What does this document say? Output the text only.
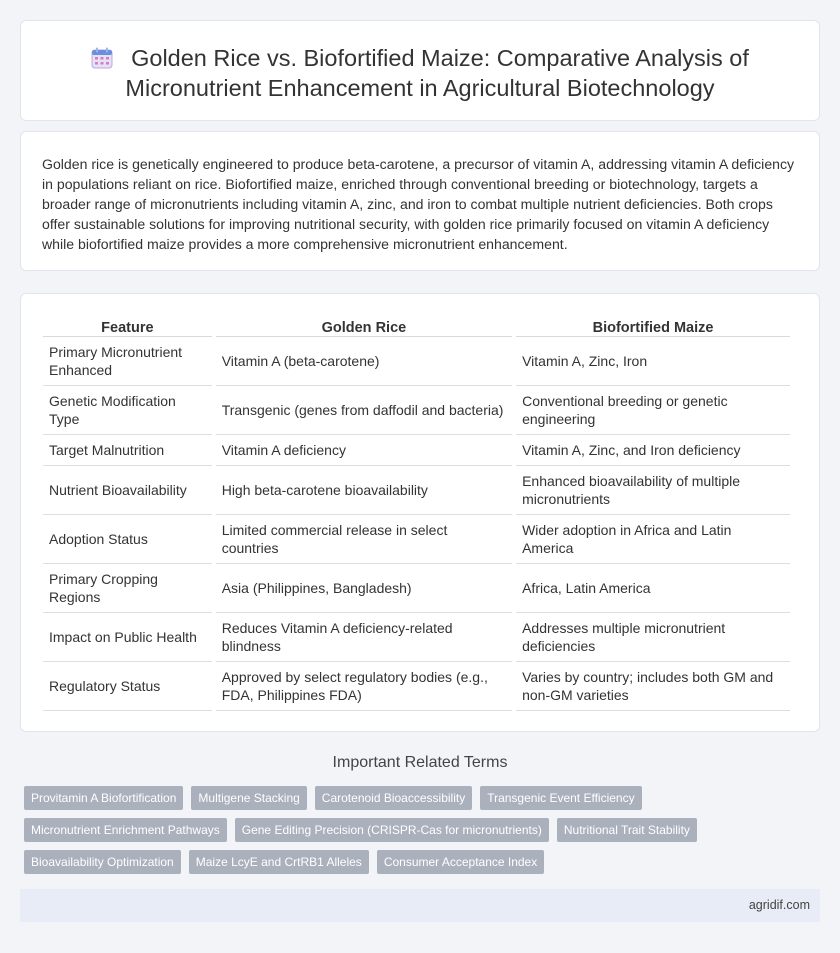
Golden Rice vs. Biofortified Maize: Comparative Analysis of
Micronutrient Enhancement in Agricultural Biotechnology

Golden rice is genetically engineered to produce beta-carotene, a precursor of vitamin A, addressing vitamin A deficiency in populations reliant on rice. Biofortified maize, enriched through conventional breeding or biotechnology, targets a broader range of micronutrients including vitamin A, zinc, and iron to combat multiple nutrient deficiencies. Both crops offer sustainable solutions for improving nutritional security, with golden rice primarily focused on vitamin A deficiency while biofortified maize provides a more comprehensive micronutrient enhancement.

Feature	Golden Rice	Biofortified Maize
Primary Micronutrient Enhanced	Vitamin A (beta-carotene)	Vitamin A, Zinc, Iron
Genetic Modification Type	Transgenic (genes from daffodil and bacteria)	Conventional breeding or genetic engineering
Target Malnutrition	Vitamin A deficiency	Vitamin A, Zinc, and Iron deficiency
Nutrient Bioavailability	High beta-carotene bioavailability	Enhanced bioavailability of multiple micronutrients
Adoption Status	Limited commercial release in select countries	Wider adoption in Africa and Latin America
Primary Cropping Regions	Asia (Philippines, Bangladesh)	Africa, Latin America
Impact on Public Health	Reduces Vitamin A deficiency-related blindness	Addresses multiple micronutrient deficiencies
Regulatory Status	Approved by select regulatory bodies (e.g., FDA, Philippines FDA)	Varies by country; includes both GM and non-GM varieties
Important Related Terms
Provitamin A Biofortification	Multigene Stacking	Carotenoid Bioaccessibility	Transgenic Event Efficiency
Micronutrient Enrichment Pathways	Gene Editing Precision (CRISPR-Cas for micronutrients)	Nutritional Trait Stability
Bioavailability Optimization	Maize LcyE and CrtRB1 Alleles	Consumer Acceptance Index
agridif.com
